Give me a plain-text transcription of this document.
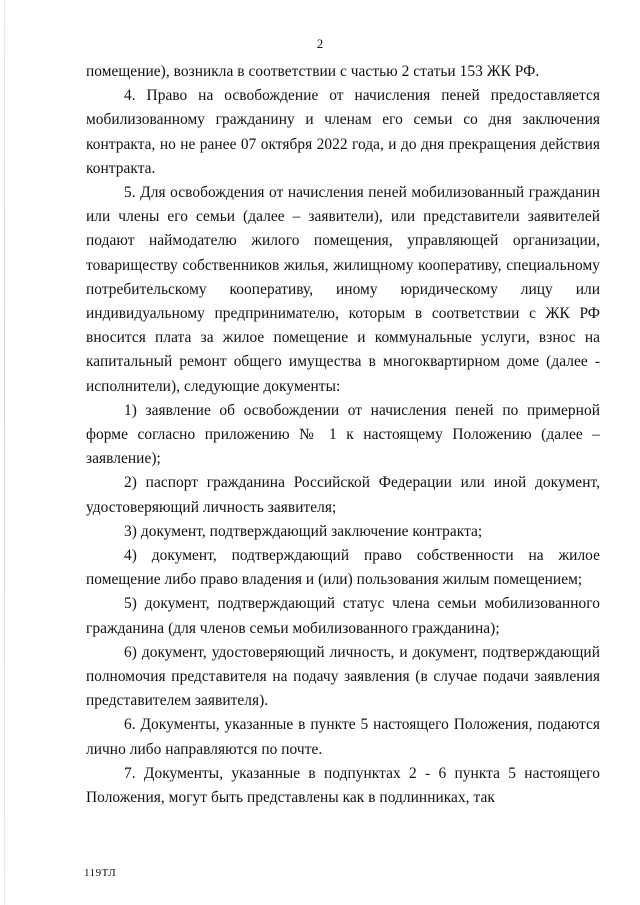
2

помещение), возникла в соответствии с частью 2 статьи 153 ЖК РФ.

4. Право на освобождение от начисления пеней предоставляется мобилизованному гражданину и членам его семьи со дня заключения контракта, но не ранее 07 октября 2022 года, и до дня прекращения действия контракта.

5. Для освобождения от начисления пеней мобилизованный гражданин или члены его семьи (далее – заявители), или представители заявителей подают наймодателю жилого помещения, управляющей организации, товариществу собственников жилья, жилищному кооперативу, специальному потребительскому кооперативу, иному юридическому лицу или индивидуальному предпринимателю, которым в соответствии с ЖК РФ вносится плата за жилое помещение и коммунальные услуги, взнос на капитальный ремонт общего имущества в многоквартирном доме (далее - исполнители), следующие документы:

1) заявление об освобождении от начисления пеней по примерной форме согласно приложению № 1 к настоящему Положению (далее – заявление);

2) паспорт гражданина Российской Федерации или иной документ, удостоверяющий личность заявителя;

3) документ, подтверждающий заключение контракта;

4) документ, подтверждающий право собственности на жилое помещение либо право владения и (или) пользования жилым помещением;

5) документ, подтверждающий статус члена семьи мобилизованного гражданина (для членов семьи мобилизованного гражданина);

6) документ, удостоверяющий личность, и документ, подтверждающий полномочия представителя на подачу заявления (в случае подачи заявления представителем заявителя).

6. Документы, указанные в пункте 5 настоящего Положения, подаются лично либо направляются по почте.

7. Документы, указанные в подпунктах 2 - 6 пункта 5 настоящего Положения, могут быть представлены как в подлинниках, так

119ТЛ
